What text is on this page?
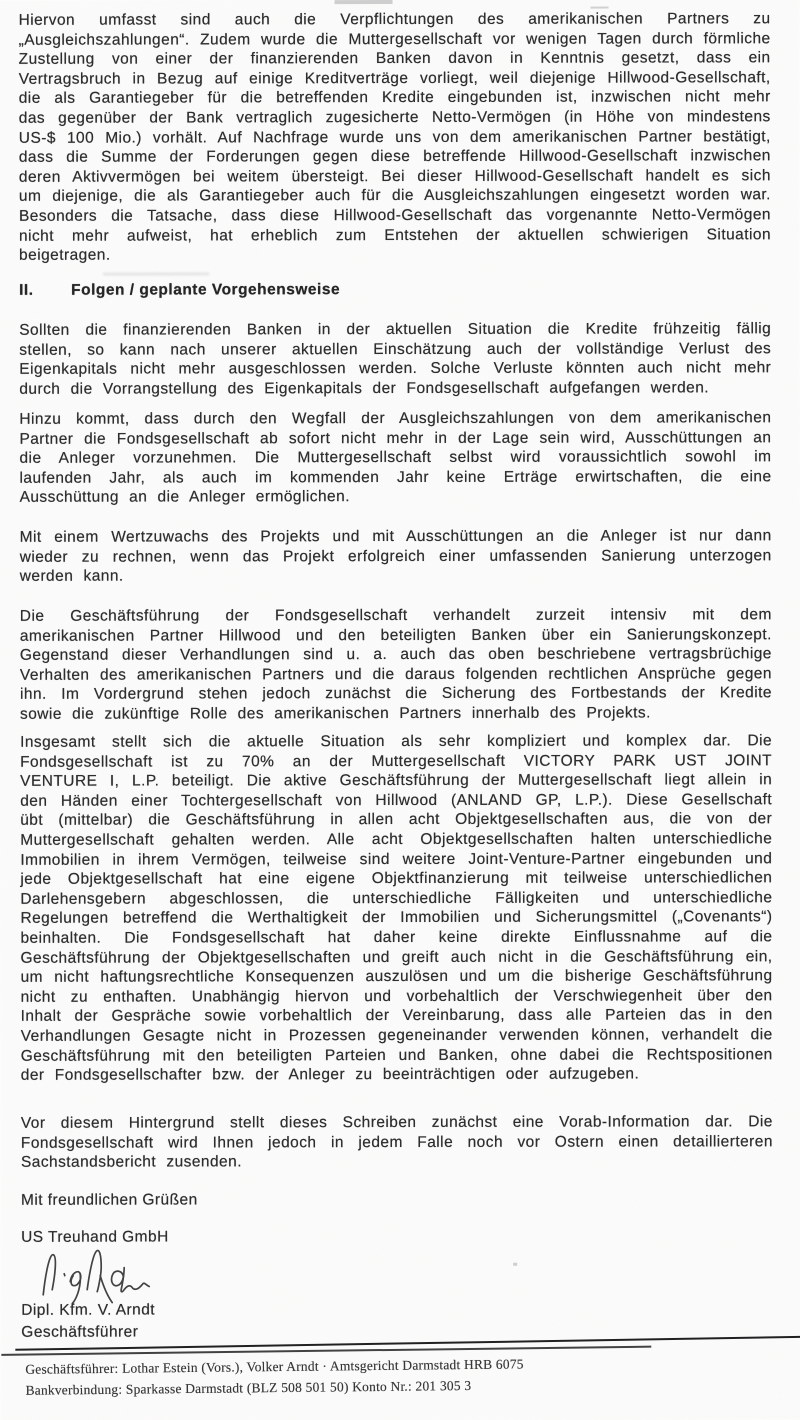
Hiervon umfasst sind auch die Verpflichtungen des amerikanischen Partners zu „Ausgleichszahlungen“. Zudem wurde die Muttergesellschaft vor wenigen Tagen durch förmliche Zustellung von einer der finanzierenden Banken davon in Kenntnis gesetzt, dass ein Vertragsbruch in Bezug auf einige Kreditverträge vorliegt, weil diejenige Hillwood-Gesellschaft, die als Garantiegeber für die betreffenden Kredite eingebunden ist, inzwischen nicht mehr das gegenüber der Bank vertraglich zugesicherte Netto-Vermögen (in Höhe von mindestens US-$ 100 Mio.) vorhält. Auf Nachfrage wurde uns von dem amerikanischen Partner bestätigt, dass die Summe der Forderungen gegen diese betreffende Hillwood-Gesellschaft inzwischen deren Aktivvermögen bei weitem übersteigt. Bei dieser Hillwood-Gesellschaft handelt es sich um diejenige, die als Garantiegeber auch für die Ausgleichszahlungen eingesetzt worden war. Besonders die Tatsache, dass diese Hillwood-Gesellschaft das vorgenannte Netto-Vermögen nicht mehr aufweist, hat erheblich zum Entstehen der aktuellen schwierigen Situation beigetragen.
II. Folgen / geplante Vorgehensweise
Sollten die finanzierenden Banken in der aktuellen Situation die Kredite frühzeitig fällig stellen, so kann nach unserer aktuellen Einschätzung auch der vollständige Verlust des Eigenkapitals nicht mehr ausgeschlossen werden. Solche Verluste könnten auch nicht mehr durch die Vorrangstellung des Eigenkapitals der Fondsgesellschaft aufgefangen werden.
Hinzu kommt, dass durch den Wegfall der Ausgleichszahlungen von dem amerikanischen Partner die Fondsgesellschaft ab sofort nicht mehr in der Lage sein wird, Ausschüttungen an die Anleger vorzunehmen. Die Muttergesellschaft selbst wird voraussichtlich sowohl im laufenden Jahr, als auch im kommenden Jahr keine Erträge erwirtschaften, die eine Ausschüttung an die Anleger ermöglichen.
Mit einem Wertzuwachs des Projekts und mit Ausschüttungen an die Anleger ist nur dann wieder zu rechnen, wenn das Projekt erfolgreich einer umfassenden Sanierung unterzogen werden kann.
Die Geschäftsführung der Fondsgesellschaft verhandelt zurzeit intensiv mit dem amerikanischen Partner Hillwood und den beteiligten Banken über ein Sanierungskonzept. Gegenstand dieser Verhandlungen sind u. a. auch das oben beschriebene vertragsbrüchige Verhalten des amerikanischen Partners und die daraus folgenden rechtlichen Ansprüche gegen ihn. Im Vordergrund stehen jedoch zunächst die Sicherung des Fortbestands der Kredite sowie die zukünftige Rolle des amerikanischen Partners innerhalb des Projekts.
Insgesamt stellt sich die aktuelle Situation als sehr kompliziert und komplex dar. Die Fondsgesellschaft ist zu 70% an der Muttergesellschaft VICTORY PARK UST JOINT VENTURE I, L.P. beteiligt. Die aktive Geschäftsführung der Muttergesellschaft liegt allein in den Händen einer Tochtergesellschaft von Hillwood (ANLAND GP, L.P.). Diese Gesellschaft übt (mittelbar) die Geschäftsführung in allen acht Objektgesellschaften aus, die von der Muttergesellschaft gehalten werden. Alle acht Objektgesellschaften halten unterschiedliche Immobilien in ihrem Vermögen, teilweise sind weitere Joint-Venture-Partner eingebunden und jede Objektgesellschaft hat eine eigene Objektfinanzierung mit teilweise unterschiedlichen Darlehensgebern abgeschlossen, die unterschiedliche Fälligkeiten und unterschiedliche Regelungen betreffend die Werthaltigkeit der Immobilien und Sicherungsmittel („Covenants“) beinhalten. Die Fondsgesellschaft hat daher keine direkte Einflussnahme auf die Geschäftsführung der Objektgesellschaften und greift auch nicht in die Geschäftsführung ein, um nicht haftungsrechtliche Konsequenzen auszulösen und um die bisherige Geschäftsführung nicht zu enthaften. Unabhängig hiervon und vorbehaltlich der Verschwiegenheit über den Inhalt der Gespräche sowie vorbehaltlich der Vereinbarung, dass alle Parteien das in den Verhandlungen Gesagte nicht in Prozessen gegeneinander verwenden können, verhandelt die Geschäftsführung mit den beteiligten Parteien und Banken, ohne dabei die Rechtspositionen der Fondsgesellschafter bzw. der Anleger zu beeinträchtigen oder aufzugeben.
Vor diesem Hintergrund stellt dieses Schreiben zunächst eine Vorab-Information dar. Die Fondsgesellschaft wird Ihnen jedoch in jedem Falle noch vor Ostern einen detaillierteren Sachstandsbericht zusenden.
Mit freundlichen Grüßen
US Treuhand GmbH
Dipl. Kfm. V. Arndt
Geschäftsführer
Geschäftsführer: Lothar Estein (Vors.), Volker Arndt · Amtsgericht Darmstadt HRB 6075
Bankverbindung: Sparkasse Darmstadt (BLZ 508 501 50) Konto Nr.: 201 305 3
